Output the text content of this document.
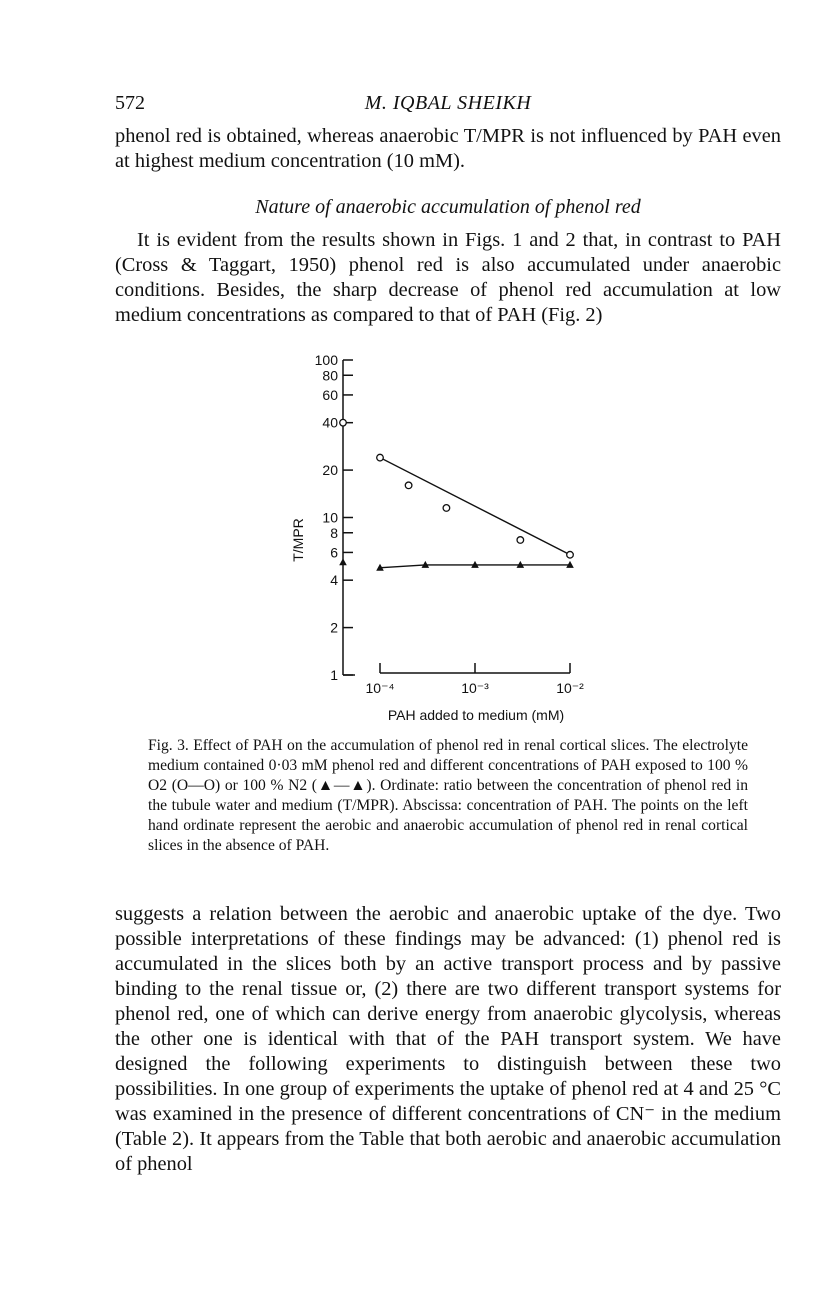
572	M. IQBAL SHEIKH

phenol red is obtained, whereas anaerobic T/MPR is not influenced by PAH even at highest medium concentration (10 mM).

Nature of anaerobic accumulation of phenol red

It is evident from the results shown in Figs. 1 and 2 that, in contrast to PAH (Cross & Taggart, 1950) phenol red is also accumulated under anaerobic conditions. Besides, the sharp decrease of phenol red accumulation at low medium concentrations as compared to that of PAH (Fig. 2)

1
2
4
6
8
10
20
40
60
80
100
10⁻⁴	10⁻³	10⁻²
T/MPR
PAH added to medium (mM)

Fig. 3. Effect of PAH on the accumulation of phenol red in renal cortical slices. The electrolyte medium contained 0·03 mM phenol red and different concentrations of PAH exposed to 100 % O2 (O—O) or 100 % N2 (▲—▲). Ordinate: ratio between the concentration of phenol red in the tubule water and medium (T/MPR). Abscissa: concentration of PAH. The points on the left hand ordinate represent the aerobic and anaerobic accumulation of phenol red in renal cortical slices in the absence of PAH.

suggests a relation between the aerobic and anaerobic uptake of the dye. Two possible interpretations of these findings may be advanced: (1) phenol red is accumulated in the slices both by an active transport process and by passive binding to the renal tissue or, (2) there are two different transport systems for phenol red, one of which can derive energy from anaerobic glycolysis, whereas the other one is identical with that of the PAH transport system. We have designed the following experiments to distinguish between these two possibilities. In one group of experiments the uptake of phenol red at 4 and 25 °C was examined in the presence of different concentrations of CN⁻ in the medium (Table 2). It appears from the Table that both aerobic and anaerobic accumulation of phenol
